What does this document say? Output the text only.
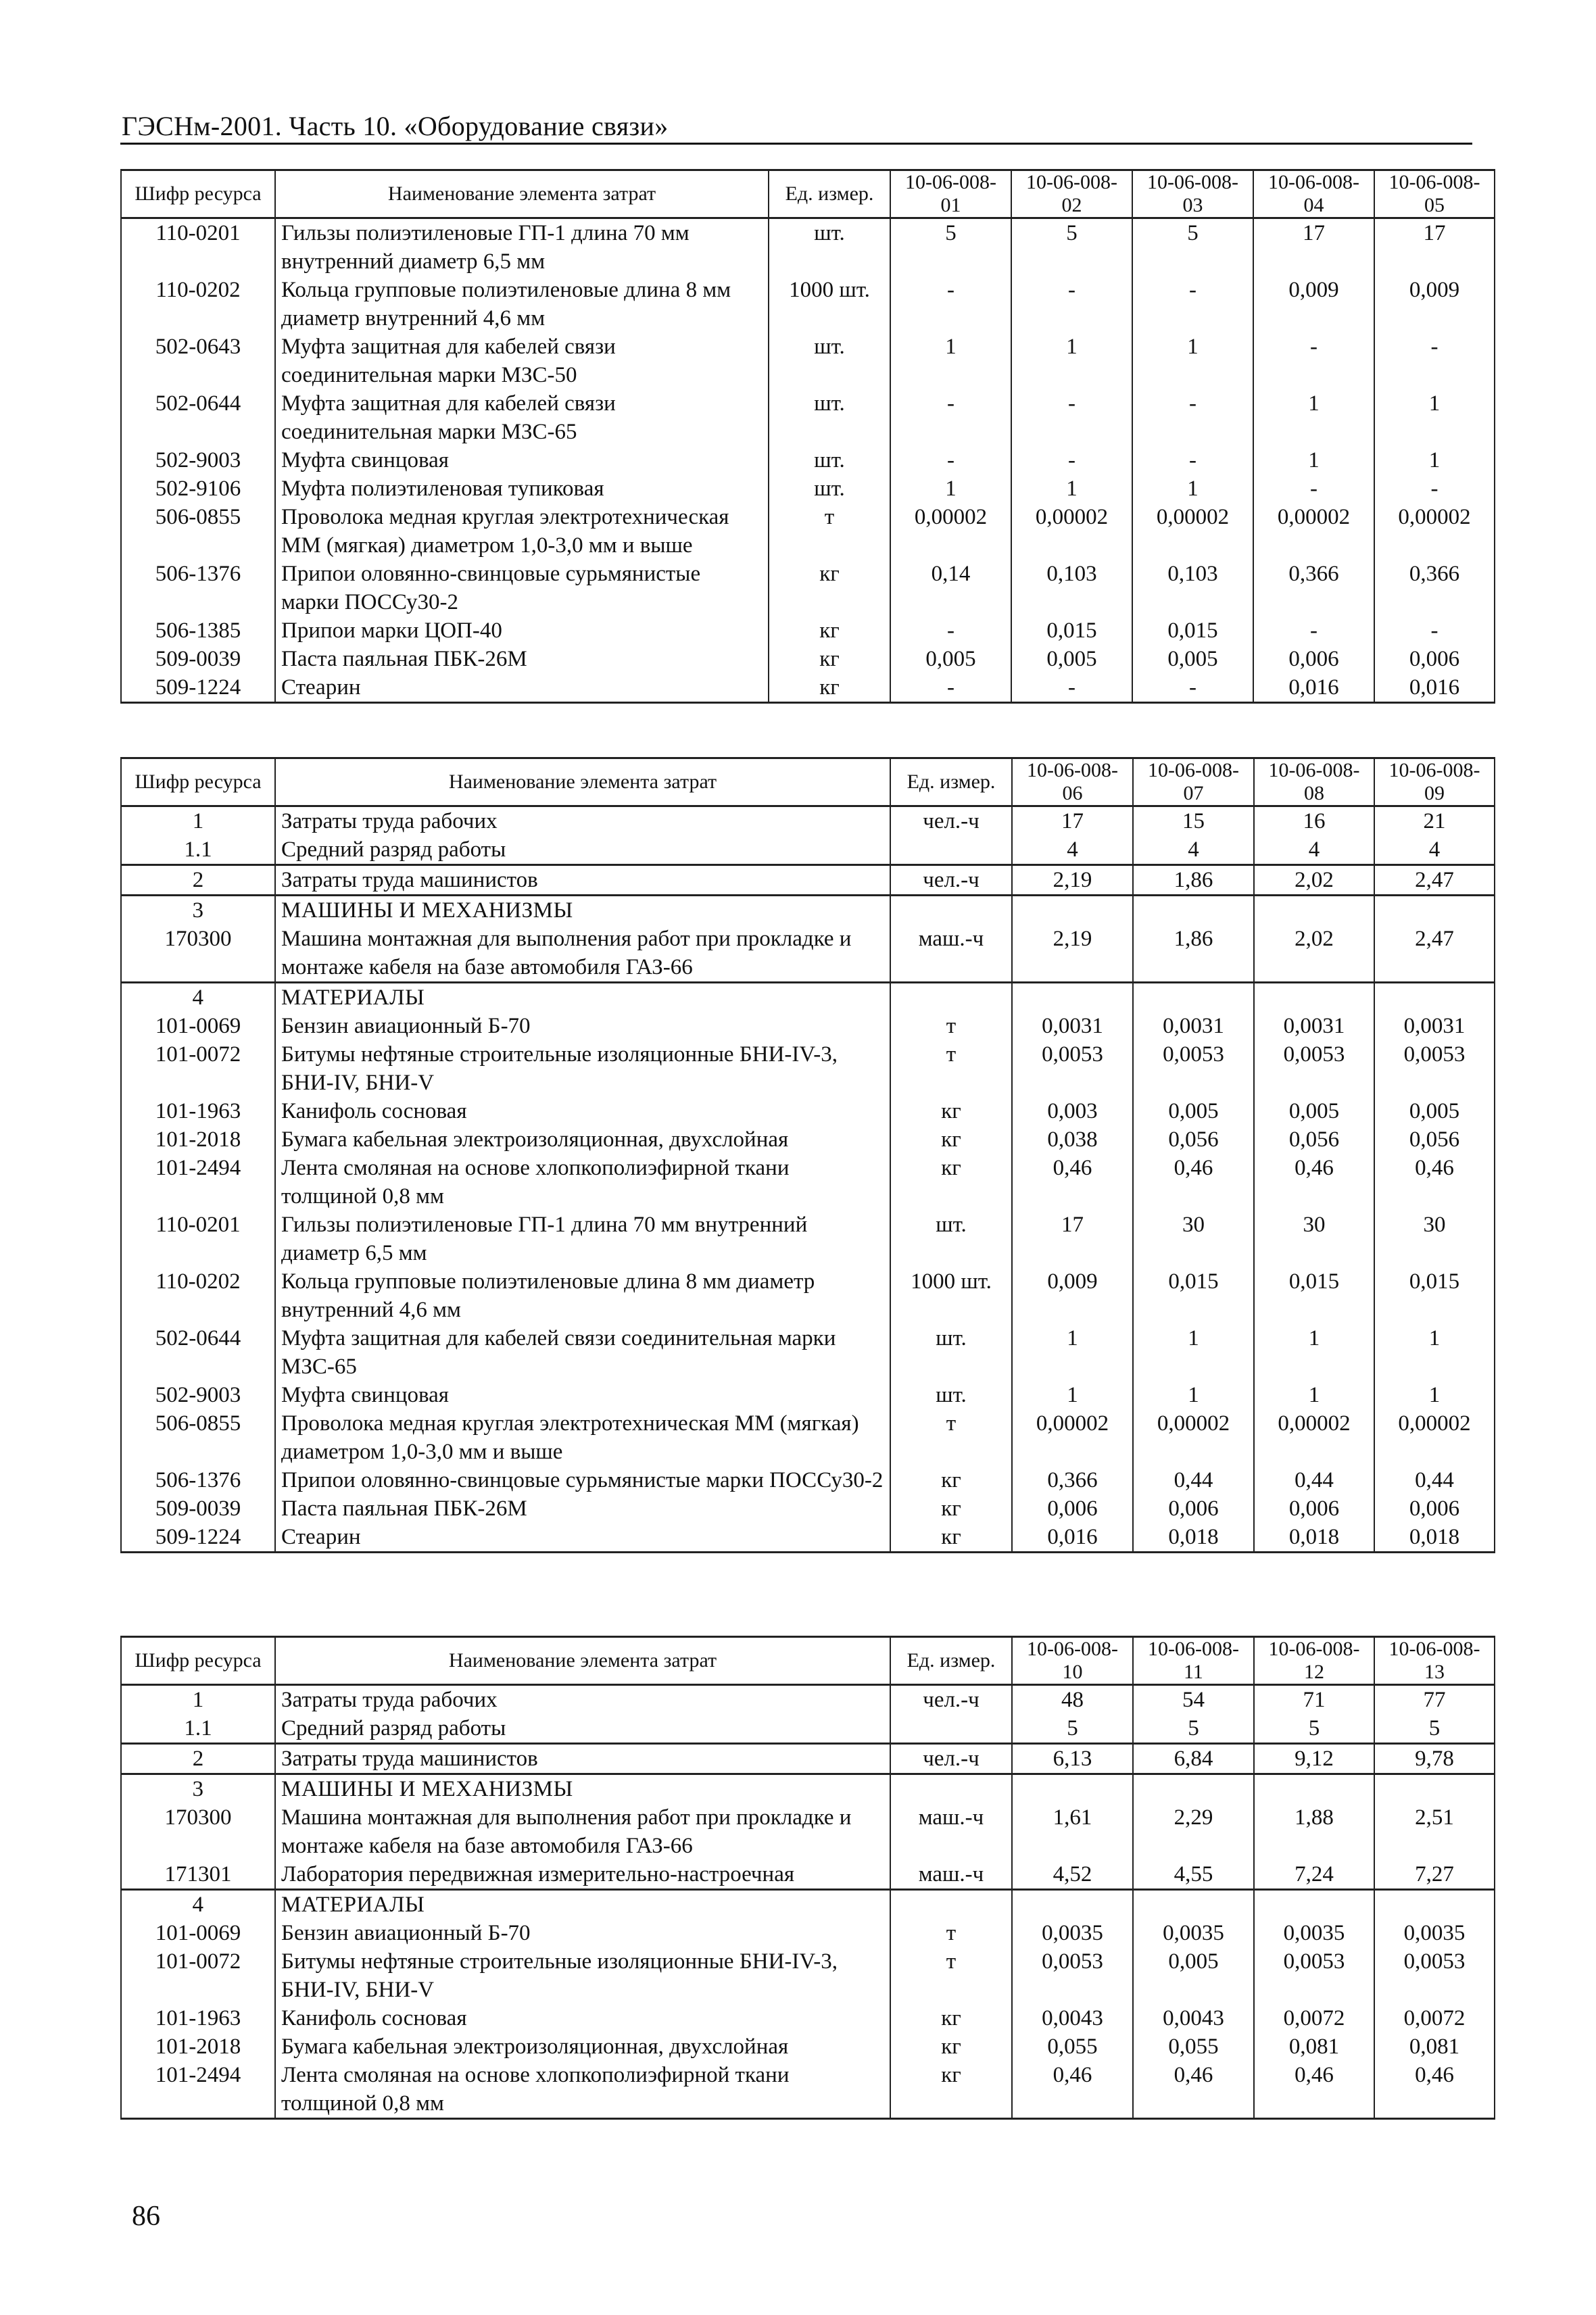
ГЭСНм-2001. Часть 10. «Оборудование связи»
Шифр ресурса	Наименование элемента затрат	Ед. измер.	10-06-008-01	10-06-008-02	10-06-008-03	10-06-008-04	10-06-008-05
110-0201	Гильзы полиэтиленовые ГП-1 длина 70 мм внутренний диаметр 6,5 мм	шт.	5	5	5	17	17
110-0202	Кольца групповые полиэтиленовые длина 8 мм диаметр внутренний 4,6 мм	1000 шт.	-	-	-	0,009	0,009
502-0643	Муфта защитная для кабелей связи соединительная марки МЗС-50	шт.	1	1	1	-	-
502-0644	Муфта защитная для кабелей связи соединительная марки МЗС-65	шт.	-	-	-	1	1
502-9003	Муфта свинцовая	шт.	-	-	-	1	1
502-9106	Муфта полиэтиленовая тупиковая	шт.	1	1	1	-	-
506-0855	Проволока медная круглая электротехническая ММ (мягкая) диаметром 1,0-3,0 мм и выше	т	0,00002	0,00002	0,00002	0,00002	0,00002
506-1376	Припои оловянно-свинцовые сурьмянистые марки ПОССу30-2	кг	0,14	0,103	0,103	0,366	0,366
506-1385	Припои марки ЦОП-40	кг	-	0,015	0,015	-	-
509-0039	Паста паяльная ПБК-26М	кг	0,005	0,005	0,005	0,006	0,006
509-1224	Стеарин	кг	-	-	-	0,016	0,016
Шифр ресурса	Наименование элемента затрат	Ед. измер.	10-06-008-06	10-06-008-07	10-06-008-08	10-06-008-09
1	Затраты труда рабочих	чел.-ч	17	15	16	21
1.1	Средний разряд работы		4	4	4	4
2	Затраты труда машинистов	чел.-ч	2,19	1,86	2,02	2,47
3	МАШИНЫ И МЕХАНИЗМЫ					
170300	Машина монтажная для выполнения работ при прокладке и монтаже кабеля на базе автомобиля ГАЗ-66	маш.-ч	2,19	1,86	2,02	2,47
4	МАТЕРИАЛЫ					
101-0069	Бензин авиационный Б-70	т	0,0031	0,0031	0,0031	0,0031
101-0072	Битумы нефтяные строительные изоляционные БНИ-IV-3, БНИ-IV, БНИ-V	т	0,0053	0,0053	0,0053	0,0053
101-1963	Канифоль сосновая	кг	0,003	0,005	0,005	0,005
101-2018	Бумага кабельная электроизоляционная, двухслойная	кг	0,038	0,056	0,056	0,056
101-2494	Лента смоляная на основе хлопкополиэфирной ткани толщиной 0,8 мм	кг	0,46	0,46	0,46	0,46
110-0201	Гильзы полиэтиленовые ГП-1 длина 70 мм внутренний диаметр 6,5 мм	шт.	17	30	30	30
110-0202	Кольца групповые полиэтиленовые длина 8 мм диаметр внутренний 4,6 мм	1000 шт.	0,009	0,015	0,015	0,015
502-0644	Муфта защитная для кабелей связи соединительная марки МЗС-65	шт.	1	1	1	1
502-9003	Муфта свинцовая	шт.	1	1	1	1
506-0855	Проволока медная круглая электротехническая ММ (мягкая) диаметром 1,0-3,0 мм и выше	т	0,00002	0,00002	0,00002	0,00002
506-1376	Припои оловянно-свинцовые сурьмянистые марки ПОССу30-2	кг	0,366	0,44	0,44	0,44
509-0039	Паста паяльная ПБК-26М	кг	0,006	0,006	0,006	0,006
509-1224	Стеарин	кг	0,016	0,018	0,018	0,018
Шифр ресурса	Наименование элемента затрат	Ед. измер.	10-06-008-10	10-06-008-11	10-06-008-12	10-06-008-13
1	Затраты труда рабочих	чел.-ч	48	54	71	77
1.1	Средний разряд работы		5	5	5	5
2	Затраты труда машинистов	чел.-ч	6,13	6,84	9,12	9,78
3	МАШИНЫ И МЕХАНИЗМЫ					
170300	Машина монтажная для выполнения работ при прокладке и монтаже кабеля на базе автомобиля ГАЗ-66	маш.-ч	1,61	2,29	1,88	2,51
171301	Лаборатория передвижная измерительно-настроечная	маш.-ч	4,52	4,55	7,24	7,27
4	МАТЕРИАЛЫ					
101-0069	Бензин авиационный Б-70	т	0,0035	0,0035	0,0035	0,0035
101-0072	Битумы нефтяные строительные изоляционные БНИ-IV-3, БНИ-IV, БНИ-V	т	0,0053	0,005	0,0053	0,0053
101-1963	Канифоль сосновая	кг	0,0043	0,0043	0,0072	0,0072
101-2018	Бумага кабельная электроизоляционная, двухслойная	кг	0,055	0,055	0,081	0,081
101-2494	Лента смоляная на основе хлопкополиэфирной ткани толщиной 0,8 мм	кг	0,46	0,46	0,46	0,46
86
